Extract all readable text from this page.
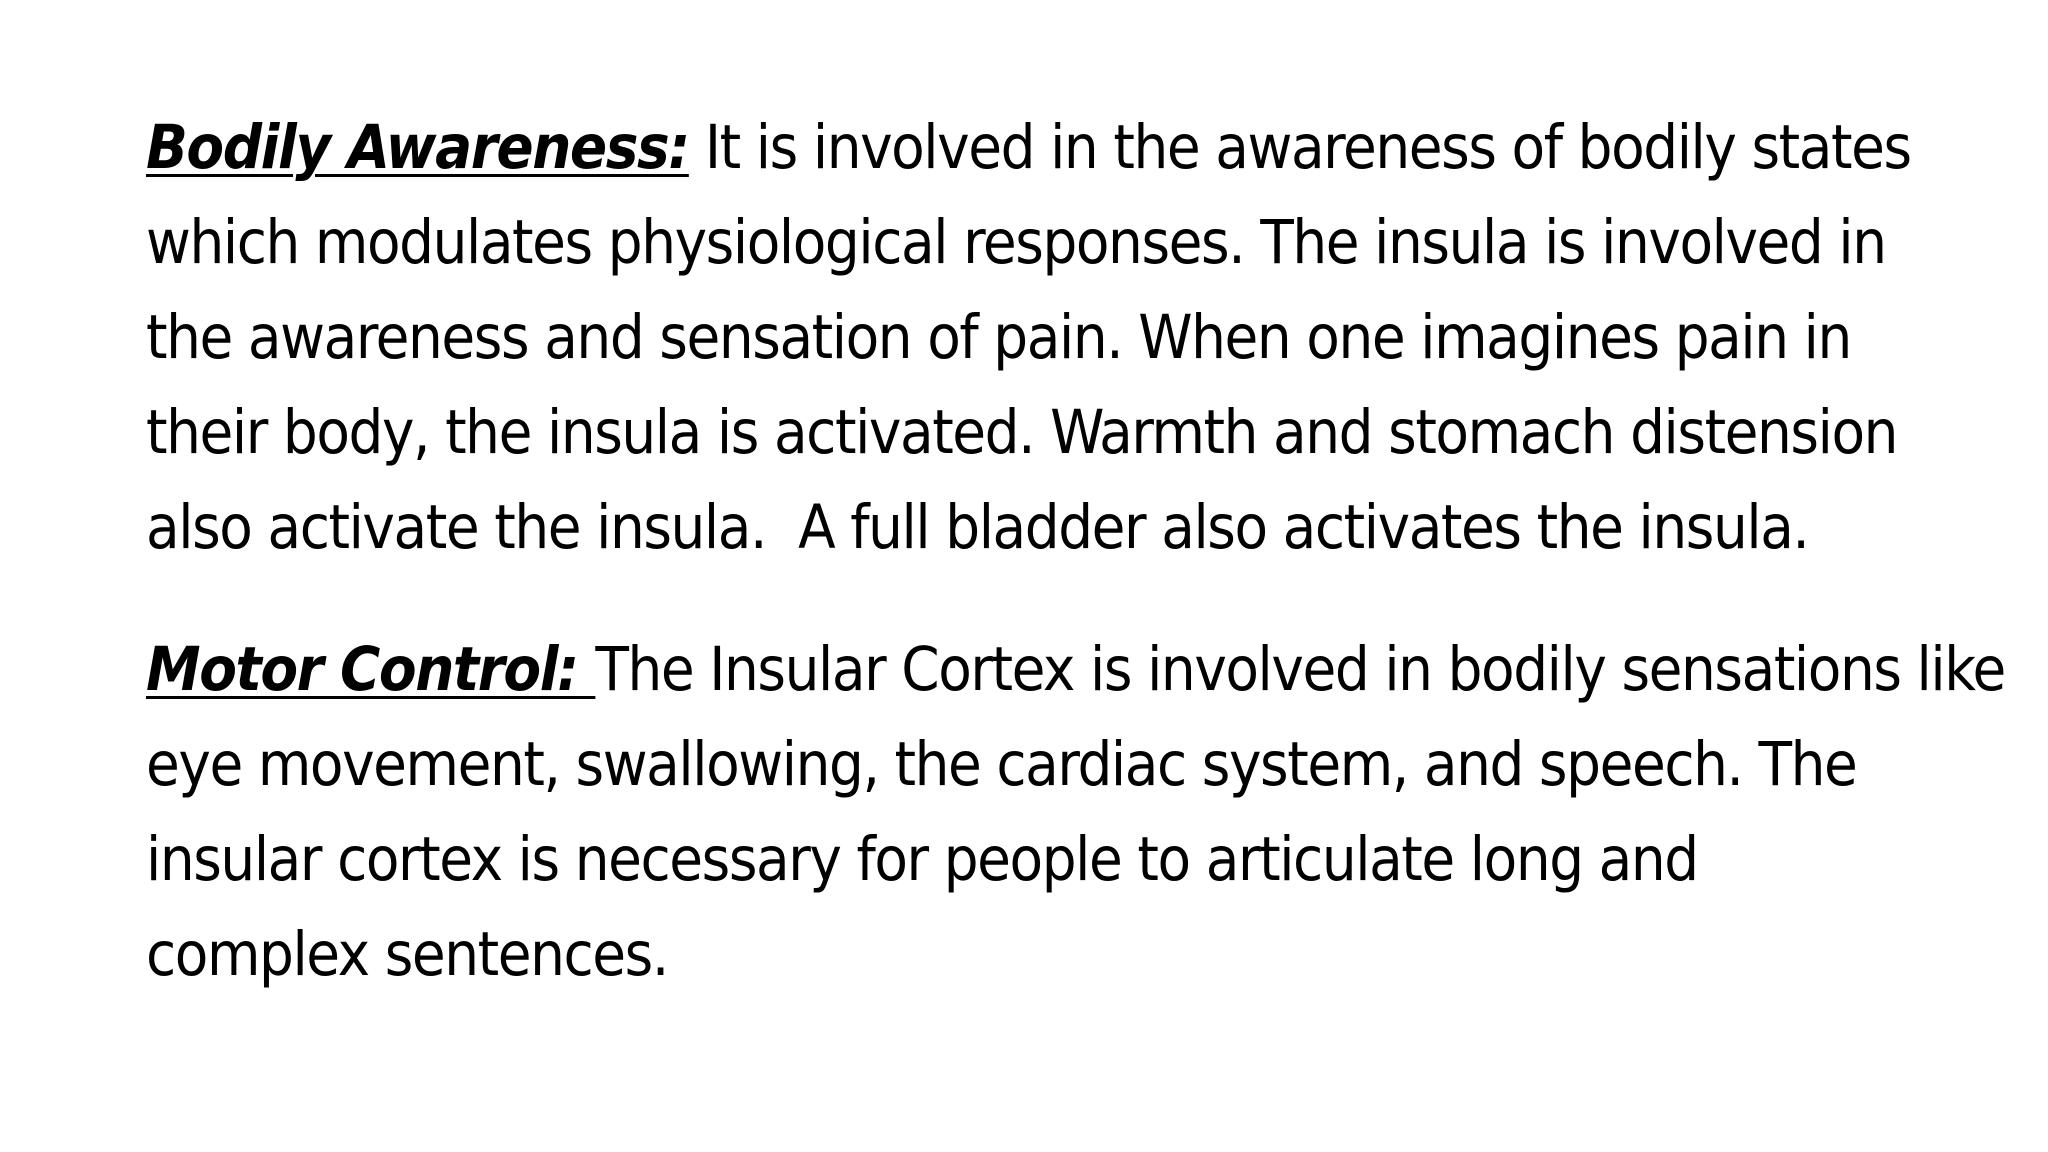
Bodily Awareness: It is involved in the awareness of bodily states
which modulates physiological responses. The insula is involved in
the awareness and sensation of pain. When one imagines pain in
their body, the insula is activated. Warmth and stomach distension
also activate the insula.  A full bladder also activates the insula.

Motor Control: The Insular Cortex is involved in bodily sensations like
eye movement, swallowing, the cardiac system, and speech. The
insular cortex is necessary for people to articulate long and
complex sentences.
